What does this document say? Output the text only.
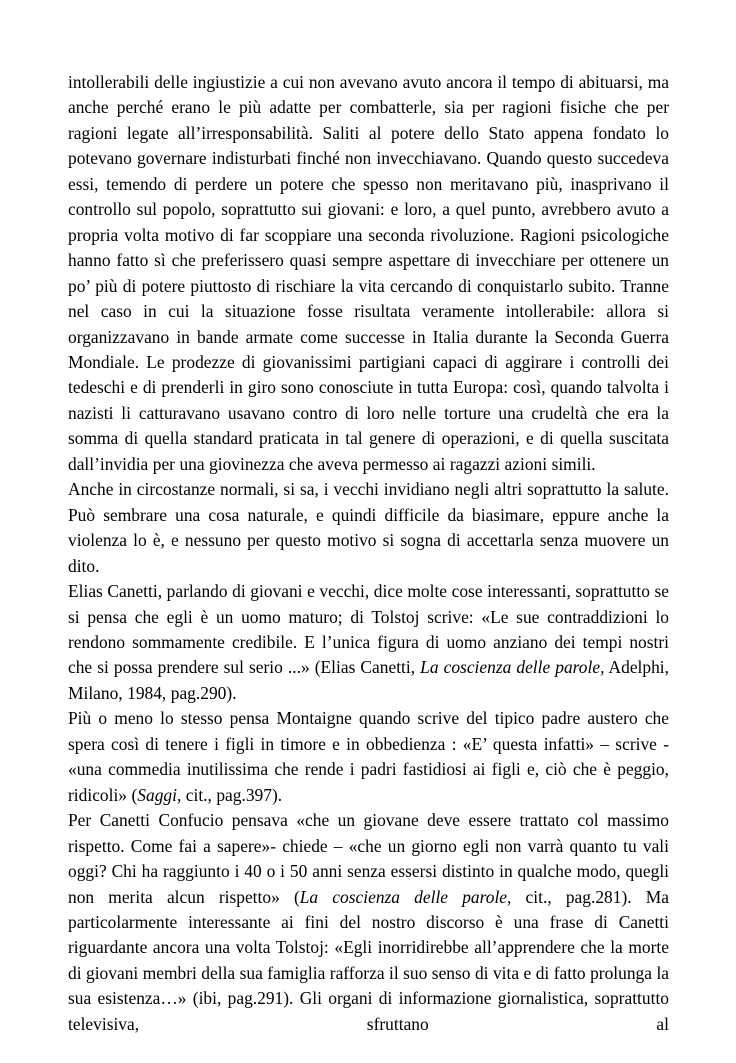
intollerabili delle ingiustizie a cui non avevano avuto ancora il tempo di abituarsi, ma anche perché erano le più adatte per combatterle, sia per ragioni fisiche che per ragioni legate all’irresponsabilità. Saliti al potere dello Stato appena fondato lo potevano governare indisturbati finché non invecchiavano. Quando questo succedeva essi, temendo di perdere un potere che spesso non meritavano più, inasprivano il controllo sul popolo, soprattutto sui giovani: e loro, a quel punto, avrebbero avuto a propria volta motivo di far scoppiare una seconda rivoluzione. Ragioni psicologiche hanno fatto sì che preferissero quasi sempre aspettare di invecchiare per ottenere un po’ più di potere piuttosto di rischiare la vita cercando di conquistarlo subito. Tranne nel caso in cui la situazione fosse risultata veramente intollerabile: allora si organizzavano in bande armate come successe in Italia durante la Seconda Guerra Mondiale. Le prodezze di giovanissimi partigiani capaci di aggirare i controlli dei tedeschi e di prenderli in giro sono conosciute in tutta Europa: così, quando talvolta i nazisti li catturavano usavano contro di loro nelle torture una crudeltà che era la somma di quella standard praticata in tal genere di operazioni, e di quella suscitata dall’invidia per una giovinezza che aveva permesso ai ragazzi azioni simili.

Anche in circostanze normali, si sa, i vecchi invidiano negli altri soprattutto la salute. Può sembrare una cosa naturale, e quindi difficile da biasimare, eppure anche la violenza lo è, e nessuno per questo motivo si sogna di accettarla senza muovere un dito.

Elias Canetti, parlando di giovani e vecchi, dice molte cose interessanti, soprattutto se si pensa che egli è un uomo maturo; di Tolstoj scrive: «Le sue contraddizioni lo rendono sommamente credibile. E l’unica figura di uomo anziano dei tempi nostri che si possa prendere sul serio ...» (Elias Canetti, La coscienza delle parole, Adelphi, Milano, 1984, pag.290).

Più o meno lo stesso pensa Montaigne quando scrive del tipico padre austero che spera così di tenere i figli in timore e in obbedienza : «E’ questa infatti» – scrive - «una commedia inutilissima che rende i padri fastidiosi ai figli e, ciò che è peggio, ridicoli» (Saggi, cit., pag.397).

Per Canetti Confucio pensava «che un giovane deve essere trattato col massimo rispetto. Come fai a sapere»- chiede – «che un giorno egli non varrà quanto tu vali oggi? Chi ha raggiunto i 40 o i 50 anni senza essersi distinto in qualche modo, quegli non merita alcun rispetto» (La coscienza delle parole, cit., pag.281). Ma particolarmente interessante ai fini del nostro discorso è una frase di Canetti riguardante ancora una volta Tolstoj: «Egli inorridirebbe all’apprendere che la morte di giovani membri della sua famiglia rafforza il suo senso di vita e di fatto prolunga la sua esistenza…» (ibi, pag.291). Gli organi di informazione giornalistica, soprattutto televisiva, sfruttano al
